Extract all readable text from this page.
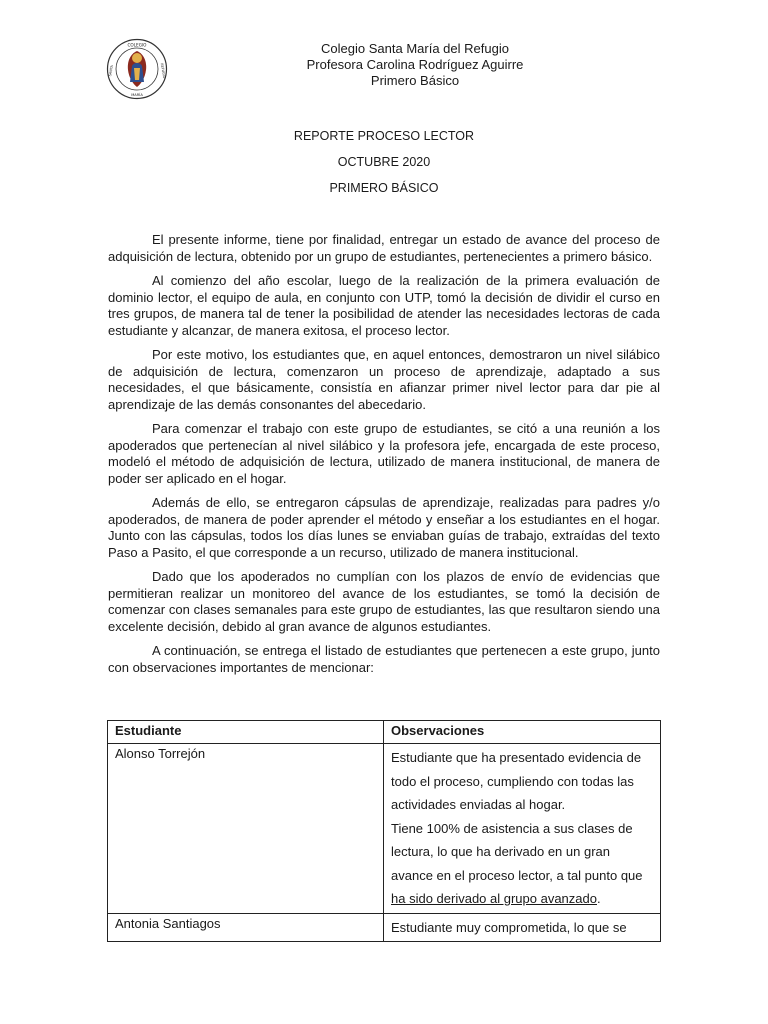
COLEGIO
SANTA
MARÍA
REFUGIO
Colegio Santa María del Refugio
Profesora Carolina Rodríguez Aguirre
Primero Básico
REPORTE PROCESO LECTOR
OCTUBRE 2020
PRIMERO BÁSICO

El presente informe, tiene por finalidad, entregar un estado de avance del proceso de adquisición de lectura, obtenido por un grupo de estudiantes, pertenecientes a primero básico.

Al comienzo del año escolar, luego de la realización de la primera evaluación de dominio lector, el equipo de aula, en conjunto con UTP, tomó la decisión de dividir el curso en tres grupos, de manera tal de tener la posibilidad de atender las necesidades lectoras de cada estudiante y alcanzar, de manera exitosa, el proceso lector.

Por este motivo, los estudiantes que, en aquel entonces, demostraron un nivel silábico de adquisición de lectura, comenzaron un proceso de aprendizaje, adaptado a sus necesidades, el que básicamente, consistía en afianzar primer nivel lector para dar pie al aprendizaje de las demás consonantes del abecedario.

Para comenzar el trabajo con este grupo de estudiantes, se citó a una reunión a los apoderados que pertenecían al nivel silábico y la profesora jefe, encargada de este proceso, modeló el método de adquisición de lectura, utilizado de manera institucional, de manera de poder ser aplicado en el hogar.

Además de ello, se entregaron cápsulas de aprendizaje, realizadas para padres y/o apoderados, de manera de poder aprender el método y enseñar a los estudiantes en el hogar. Junto con las cápsulas, todos los días lunes se enviaban guías de trabajo, extraídas del texto Paso a Pasito, el que corresponde a un recurso, utilizado de manera institucional.

Dado que los apoderados no cumplían con los plazos de envío de evidencias que permitieran realizar un monitoreo del avance de los estudiantes, se tomó la decisión de comenzar con clases semanales para este grupo de estudiantes, las que resultaron siendo una excelente decisión, debido al gran avance de algunos estudiantes.

A continuación, se entrega el listado de estudiantes que pertenecen a este grupo, junto con observaciones importantes de mencionar:

Estudiante	Observaciones
Alonso Torrejón	Estudiante que ha presentado evidencia de todo el proceso, cumpliendo con todas las actividades enviadas al hogar.

Tiene 100% de asistencia a sus clases de lectura, lo que ha derivado en un gran avance en el proceso lector, a tal punto que ha sido derivado al grupo avanzado.

Antonia Santiagos	Estudiante muy comprometida, lo que se
